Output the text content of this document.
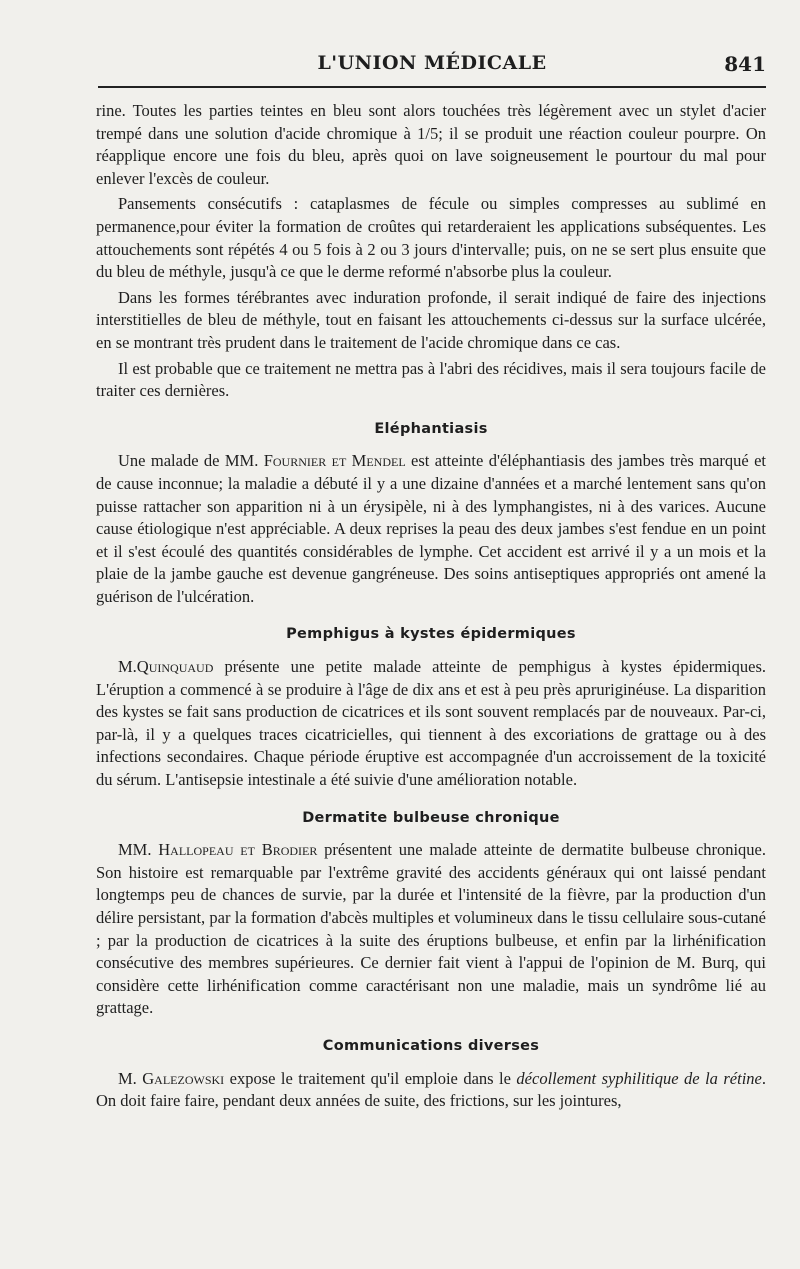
L'UNION MÉDICALE	841

rine. Toutes les parties teintes en bleu sont alors touchées très légèrement avec un stylet d'acier trempé dans une solution d'acide chromique à 1/5; il se produit une réaction couleur pourpre. On réapplique encore une fois du bleu, après quoi on lave soigneusement le pourtour du mal pour enlever l'excès de couleur.

Pansements consécutifs : cataplasmes de fécule ou simples compresses au sublimé en permanence,pour éviter la formation de croûtes qui retarderaient les applications subséquentes. Les attouchements sont répétés 4 ou 5 fois à 2 ou 3 jours d'intervalle; puis, on ne se sert plus ensuite que du bleu de méthyle, jusqu'à ce que le derme reformé n'absorbe plus la couleur.

Dans les formes térébrantes avec induration profonde, il serait indiqué de faire des injections interstitielles de bleu de méthyle, tout en faisant les attouchements ci-dessus sur la surface ulcérée, en se montrant très prudent dans le traitement de l'acide chromique dans ce cas.

Il est probable que ce traitement ne mettra pas à l'abri des récidives, mais il sera toujours facile de traiter ces dernières.

Eléphantiasis

Une malade de MM. Fournier et Mendel est atteinte d'éléphantiasis des jambes très marqué et de cause inconnue; la maladie a débuté il y a une dizaine d'années et a marché lentement sans qu'on puisse rattacher son apparition ni à un érysipèle, ni à des lymphangistes, ni à des varices. Aucune cause étiologique n'est appréciable. A deux reprises la peau des deux jambes s'est fendue en un point et il s'est écoulé des quantités considérables de lymphe. Cet accident est arrivé il y a un mois et la plaie de la jambe gauche est devenue gangréneuse. Des soins antiseptiques appropriés ont amené la guérison de l'ulcération.

Pemphigus à kystes épidermiques

M.Quinquaud présente une petite malade atteinte de pemphigus à kystes épidermiques. L'éruption a commencé à se produire à l'âge de dix ans et est à peu près apruriginéuse. La disparition des kystes se fait sans production de cicatrices et ils sont souvent remplacés par de nouveaux. Par-ci, par-là, il y a quelques traces cicatricielles, qui tiennent à des excoriations de grattage ou à des infections secondaires. Chaque période éruptive est accompagnée d'un accroissement de la toxicité du sérum. L'antisepsie intestinale a été suivie d'une amélioration notable.

Dermatite bulbeuse chronique

MM. Hallopeau et Brodier présentent une malade atteinte de dermatite bulbeuse chronique. Son histoire est remarquable par l'extrême gravité des accidents généraux qui ont laissé pendant longtemps peu de chances de survie, par la durée et l'intensité de la fièvre, par la production d'un délire persistant, par la formation d'abcès multiples et volumineux dans le tissu cellulaire sous-cutané ; par la production de cicatrices à la suite des éruptions bulbeuse, et enfin par la lirhénification consécutive des membres supérieures. Ce dernier fait vient à l'appui de l'opinion de M. Burq, qui considère cette lirhénification comme caractérisant non une maladie, mais un syndrôme lié au grattage.

Communications diverses

M. Galezowski expose le traitement qu'il emploie dans le décollement syphilitique de la rétine. On doit faire faire, pendant deux années de suite, des frictions, sur les jointures,
